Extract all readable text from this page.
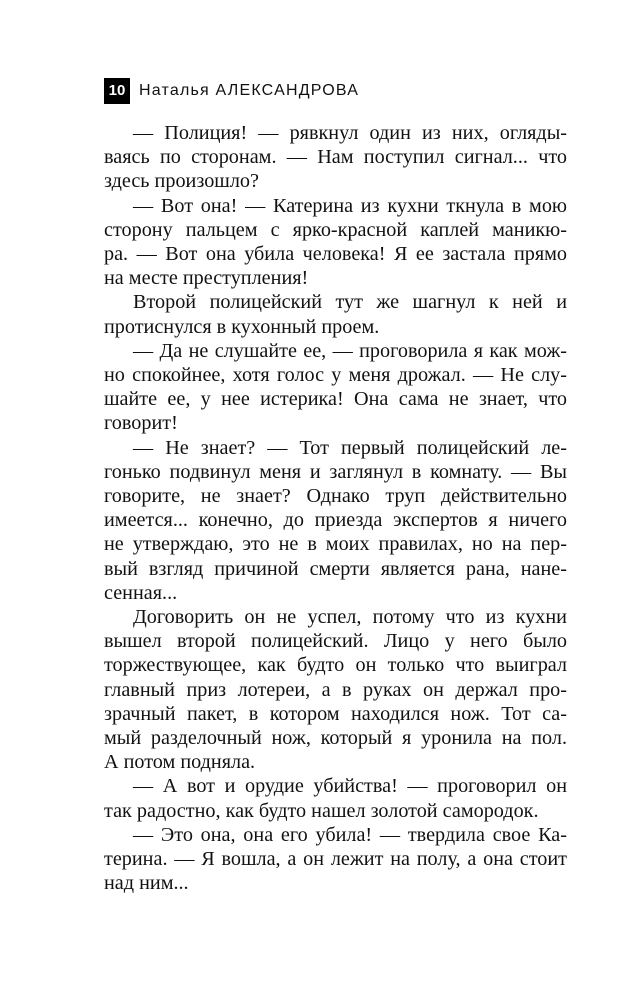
10 Наталья АЛЕКСАНДРОВА
— Полиция! — рявкнул один из них, огляды-
ваясь по сторонам. — Нам поступил сигнал... что
здесь произошло?
— Вот она! — Катерина из кухни ткнула в мою
сторону пальцем с ярко-красной каплей маникю-
ра. — Вот она убила человека! Я ее застала прямо
на месте преступления!
Второй полицейский тут же шагнул к ней и
протиснулся в кухонный проем.
— Да не слушайте ее, — проговорила я как мож-
но спокойнее, хотя голос у меня дрожал. — Не слу-
шайте ее, у нее истерика! Она сама не знает, что
говорит!
— Не знает? — Тот первый полицейский ле-
гонько подвинул меня и заглянул в комнату. — Вы
говорите, не знает? Однако труп действительно
имеется... конечно, до приезда экспертов я ничего
не утверждаю, это не в моих правилах, но на пер-
вый взгляд причиной смерти является рана, нане-
сенная...
Договорить он не успел, потому что из кухни
вышел второй полицейский. Лицо у него было
торжествующее, как будто он только что выиграл
главный приз лотереи, а в руках он держал про-
зрачный пакет, в котором находился нож. Тот са-
мый разделочный нож, который я уронила на пол.
А потом подняла.
— А вот и орудие убийства! — проговорил он
так радостно, как будто нашел золотой самородок.
— Это она, она его убила! — твердила свое Ка-
терина. — Я вошла, а он лежит на полу, а она стоит
над ним...
